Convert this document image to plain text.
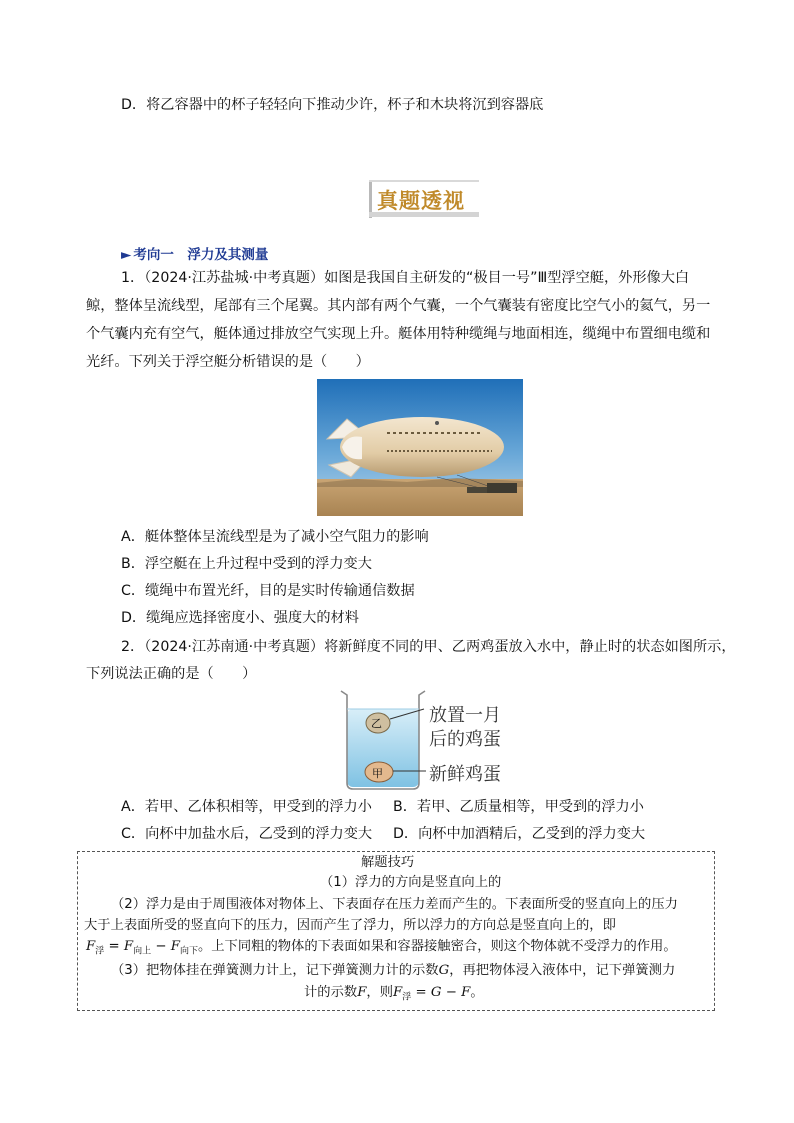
D．将乙容器中的杯子轻轻向下推动少许，杯子和木块将沉到容器底
真题透视
► 考向一　浮力及其测量
1．（2024·江苏盐城·中考真题）如图是我国自主研发的“极目一号”Ⅲ型浮空艇，外形像大白
鲸，整体呈流线型，尾部有三个尾翼。其内部有两个气囊，一个气囊装有密度比空气小的氦气，另一
个气囊内充有空气，艇体通过排放空气实现上升。艇体用特种缆绳与地面相连，缆绳中布置细电缆和
光纤。下列关于浮空艇分析错误的是（　　）
A．艇体整体呈流线型是为了减小空气阻力的影响
B．浮空艇在上升过程中受到的浮力变大
C．缆绳中布置光纤，目的是实时传输通信数据
D．缆绳应选择密度小、强度大的材料
2．（2024·江苏南通·中考真题）将新鲜度不同的甲、乙两鸡蛋放入水中，静止时的状态如图所示，
下列说法正确的是（　　）
乙
甲
放置一月
后的鸡蛋
新鲜鸡蛋
A．若甲、乙体积相等，甲受到的浮力小 B．若甲、乙质量相等，甲受到的浮力小
C．向杯中加盐水后，乙受到的浮力变大 D．向杯中加酒精后，乙受到的浮力变大
解题技巧
（1）浮力的方向是竖直向上的
（2）浮力是由于周围液体对物体上、下表面存在压力差而产生的。下表面所受的竖直向上的压力
大于上表面所受的竖直向下的压力，因而产生了浮力，所以浮力的方向总是竖直向上的，即
$F_浮 = F_{向上} - F_{向下}$。上下同粗的物体的下表面如果和容器接触密合，则这个物体就不受浮力的作用。
（3）把物体挂在弹簧测力计上，记下弹簧测力计的示数G，再把物体浸入液体中，记下弹簧测力
计的示数F，则$F_浮 = G - F$。
